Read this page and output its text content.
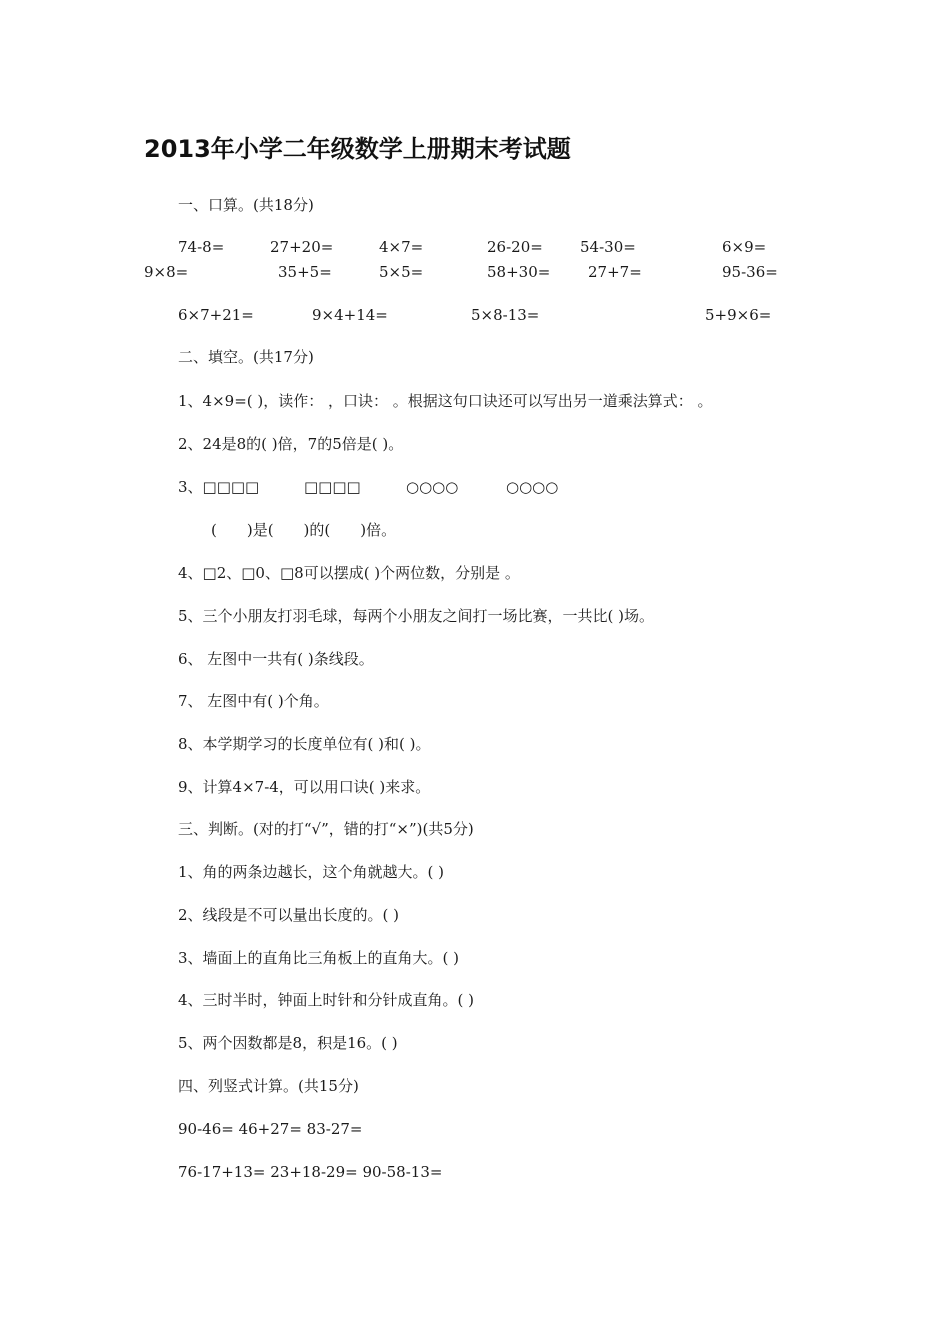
2013年小学二年级数学上册期末考试题
一、口算。(共18分)
74-8=	27+20=	4×7=	26-20= 54-30=	6×9=
9×8=	35+5=	5×5=	58+30=	27+7=	95-36=
6×7+21=	9×4+14=	5×8-13=	5+9×6=
二、填空。(共17分)
1、4×9=( )，读作： ，口诀： 。根据这句口诀还可以写出另一道乘法算式： 。
2、24是8的( )倍，7的5倍是( )。
3、□□□□	□□□□	○○○○	○○○○
(　　)是(　　)的(　　)倍。
4、□2、□0、□8可以摆成( )个两位数，分别是 。
5、三个小朋友打羽毛球，每两个小朋友之间打一场比赛，一共比( )场。
6、 左图中一共有( )条线段。
7、 左图中有( )个角。
8、本学期学习的长度单位有( )和( )。
9、计算4×7-4，可以用口诀( )来求。
三、判断。(对的打“√”，错的打“×”)(共5分)
1、角的两条边越长，这个角就越大。( )
2、线段是不可以量出长度的。( )
3、墙面上的直角比三角板上的直角大。( )
4、三时半时，钟面上时针和分针成直角。( )
5、两个因数都是8，积是16。( )
四、列竖式计算。(共15分)
90-46= 46+27= 83-27=
76-17+13= 23+18-29= 90-58-13=
